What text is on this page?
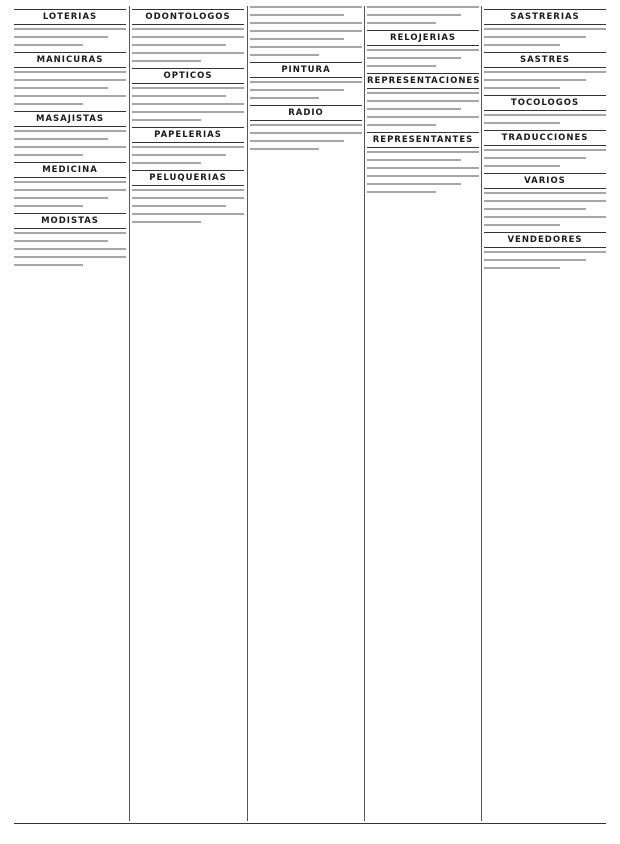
LOTERIAS
MANICURAS
MASAJISTAS
MEDICINA
MODISTAS
ODONTOLOGOS
OPTICOS
PAPELERIAS
PELUQUERIAS
PINTURA
RADIO
RELOJERIAS
REPRESENTACIONES
REPRESENTANTES
SASTRERIAS
SASTRES
TOCOLOGOS
TRADUCCIONES
VARIOS
VENDEDORES
